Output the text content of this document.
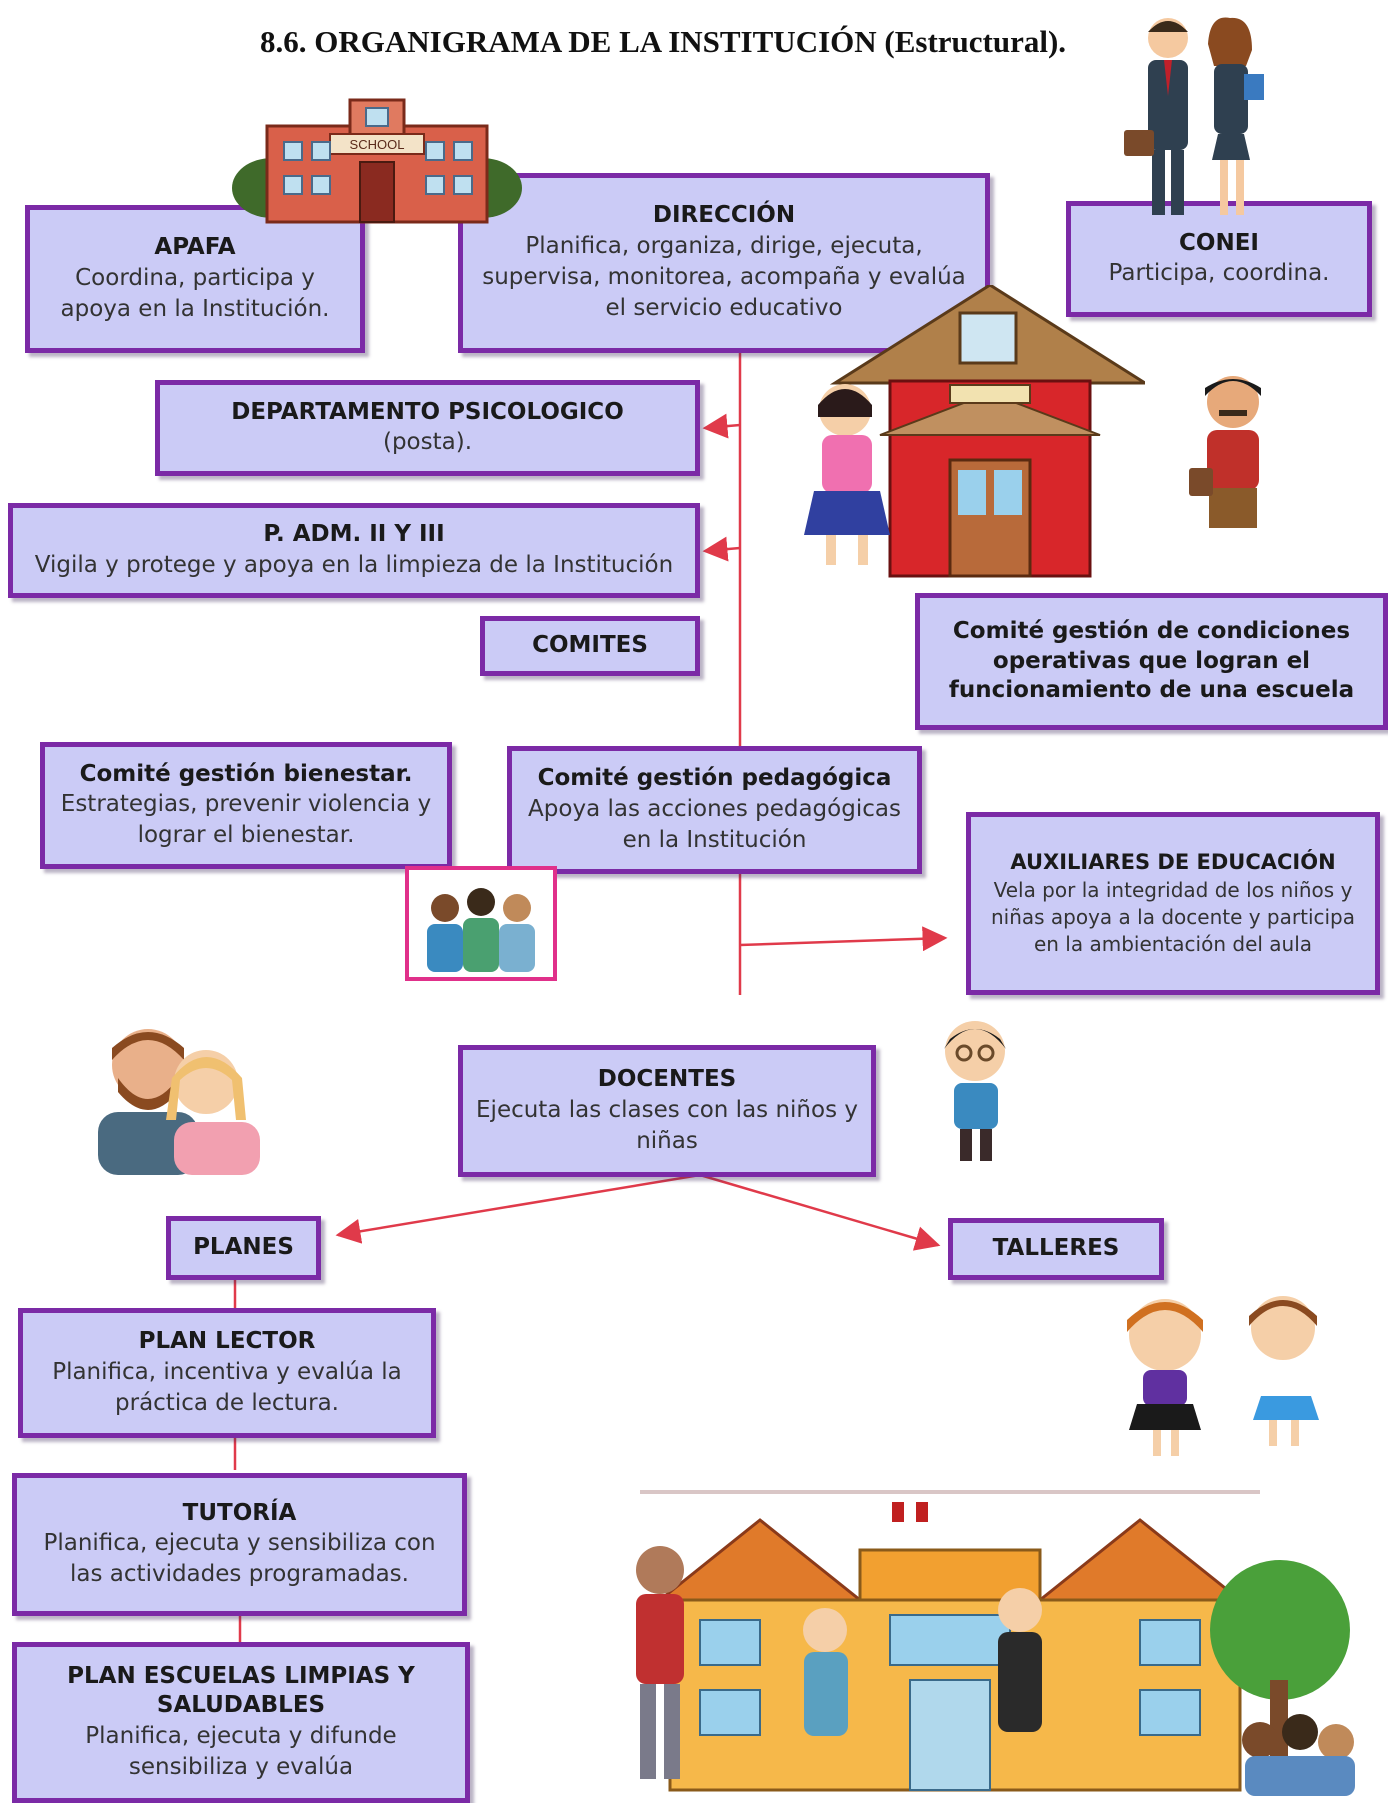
8.6. ORGANIGRAMA DE LA INSTITUCIÓN (Estructural).
APAFA
Coordina, participa y apoya en la Institución.
DIRECCIÓN
Planifica, organiza, dirige, ejecuta, supervisa, monitorea, acompaña y evalúa el servicio educativo
CONEI
Participa, coordina.
DEPARTAMENTO PSICOLOGICO
(posta).
P. ADM. II Y III
Vigila y protege y apoya en la limpieza de la Institución
COMITES
Comité gestión de condiciones operativas que logran el funcionamiento de una escuela
Comité gestión bienestar.
Estrategias, prevenir violencia y lograr el bienestar.
Comité gestión pedagógica
Apoya las acciones pedagógicas en la Institución
AUXILIARES DE EDUCACIÓN
Vela por la integridad de los niños y niñas apoya a la docente y participa en la ambientación del aula
DOCENTES
Ejecuta las clases con las niños y niñas
PLANES	TALLERES
PLAN LECTOR
Planifica, incentiva y evalúa la práctica de lectura.
TUTORÍA
Planifica, ejecuta y sensibiliza con las actividades programadas.
PLAN ESCUELAS LIMPIAS Y SALUDABLES
Planifica, ejecuta y difunde sensibiliza y evalúa
SCHOOL
